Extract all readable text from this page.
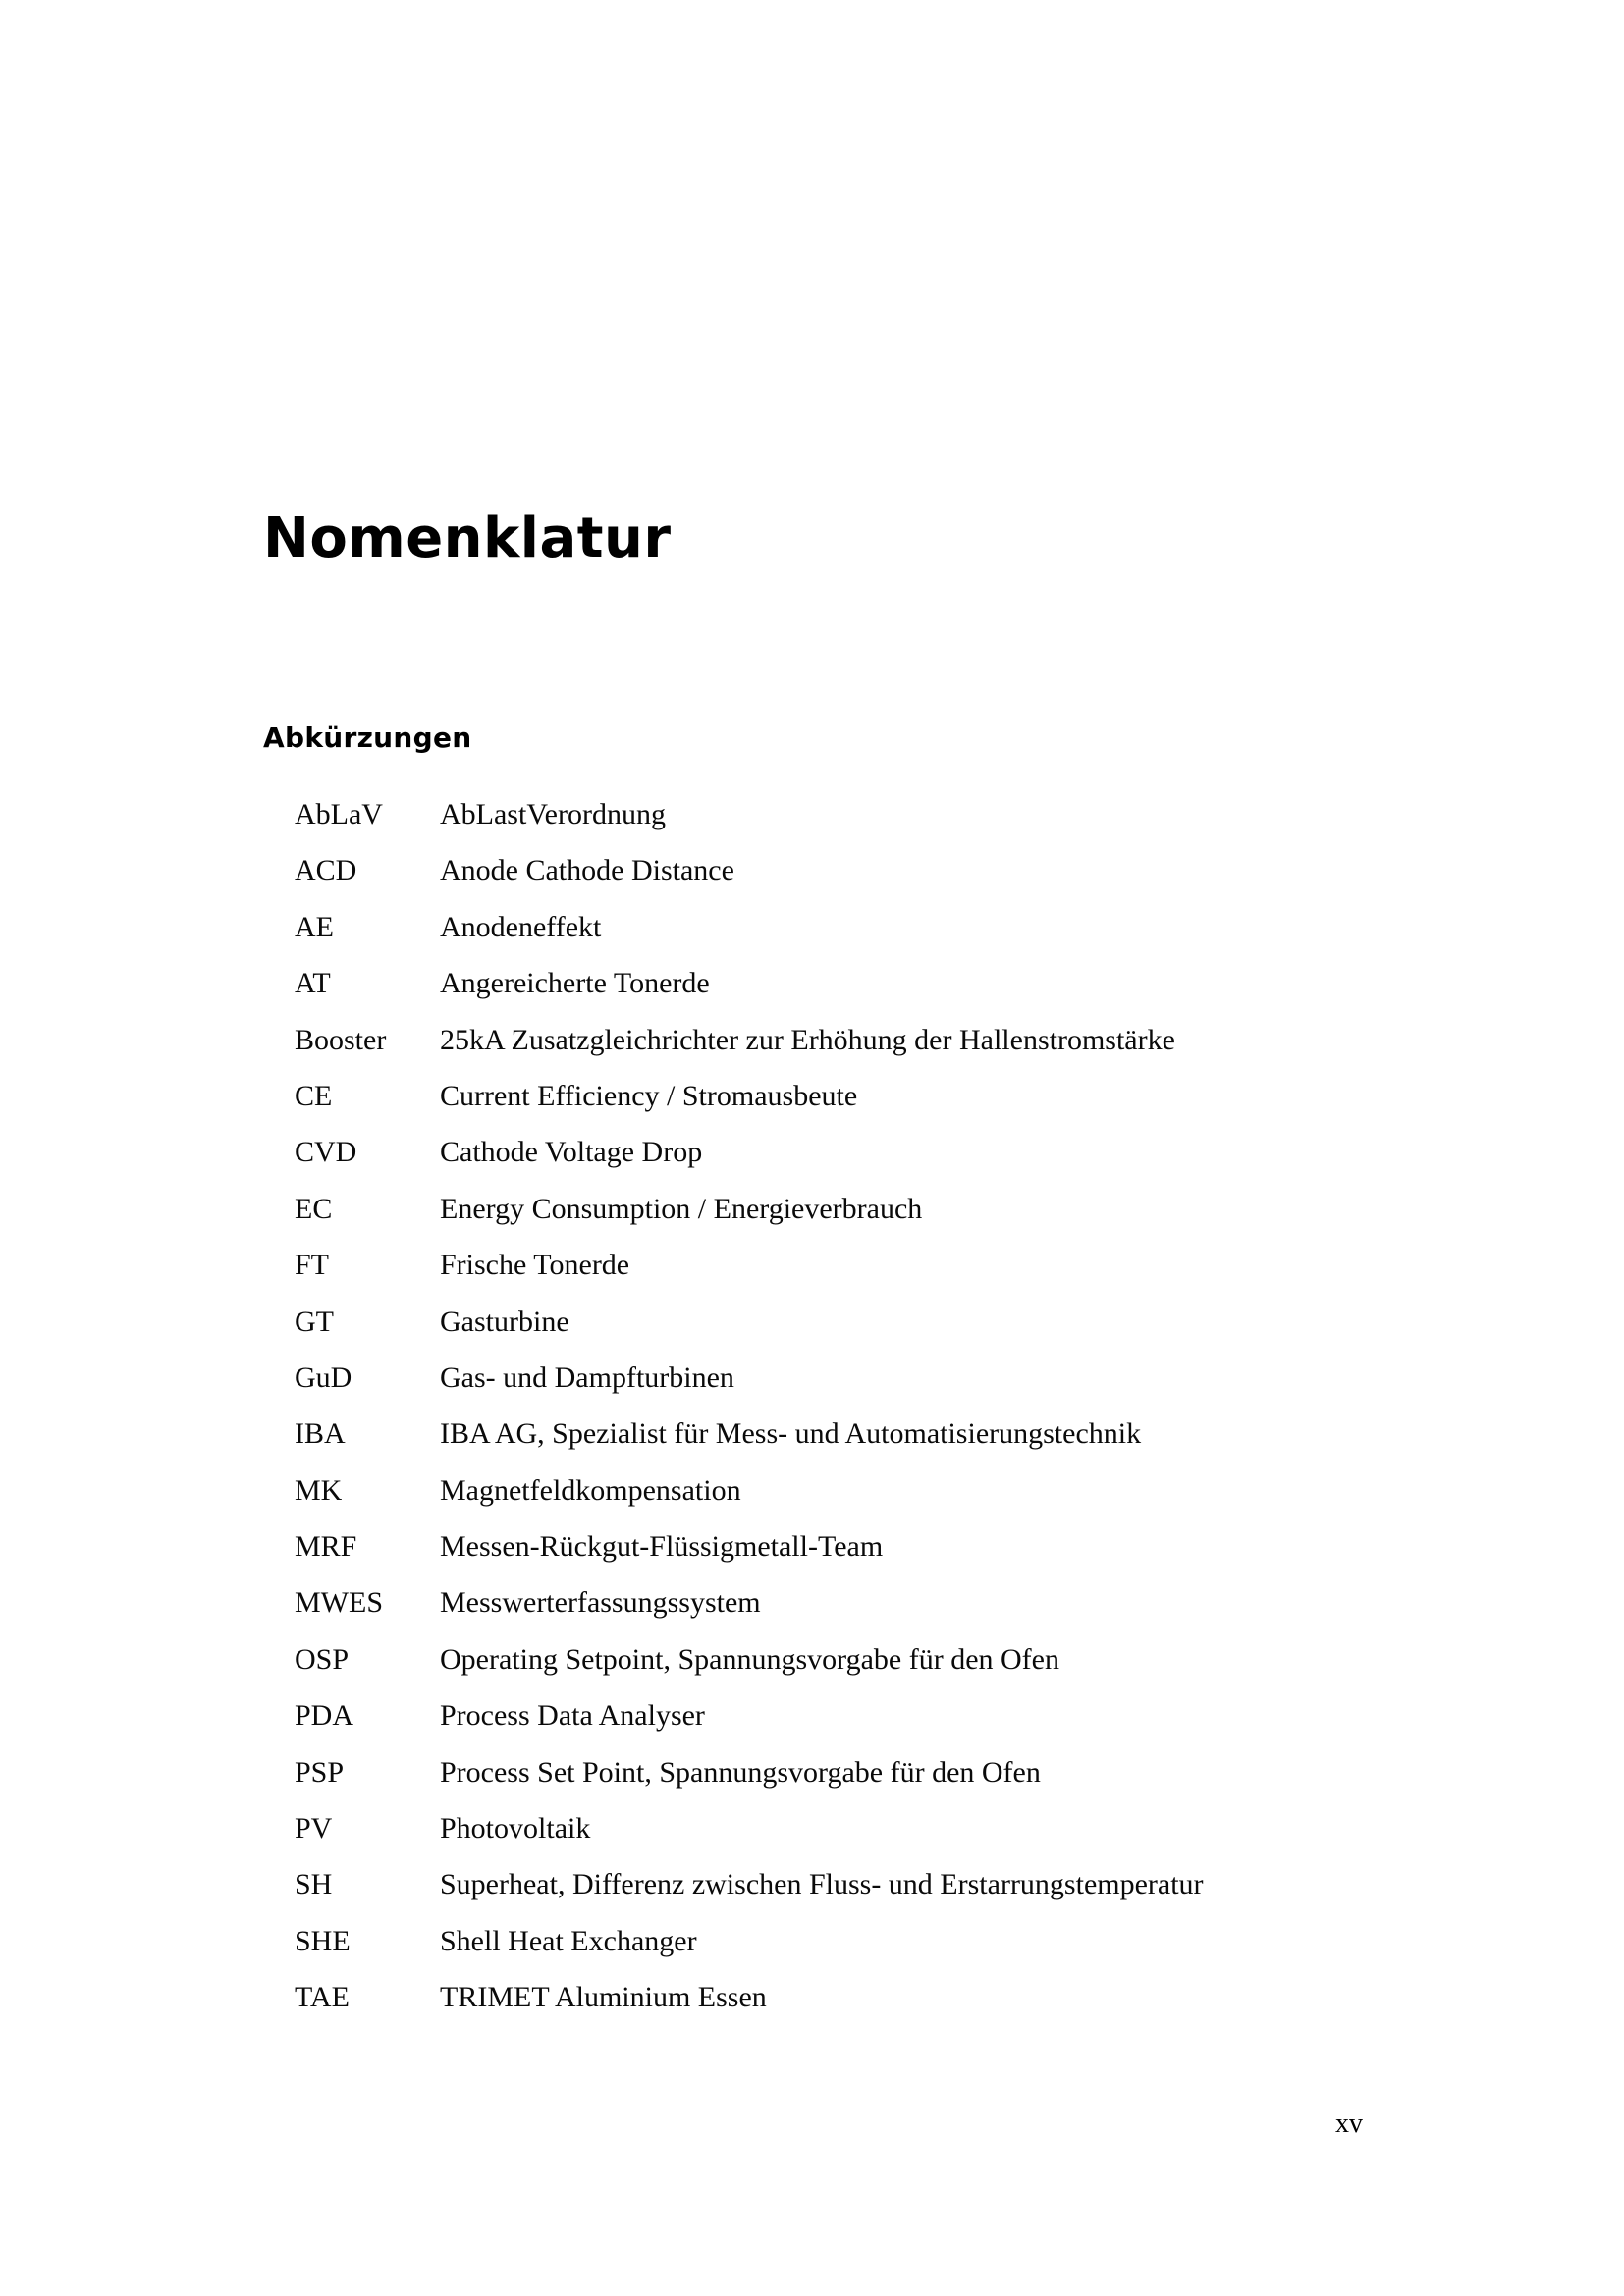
Nomenklatur
Abkürzungen
AbLaV	AbLastVerordnung
ACD	Anode Cathode Distance
AE	Anodeneffekt
AT	Angereicherte Tonerde
Booster	25kA Zusatzgleichrichter zur Erhöhung der Hallenstromstärke
CE	Current Efficiency / Stromausbeute
CVD	Cathode Voltage Drop
EC	Energy Consumption / Energieverbrauch
FT	Frische Tonerde
GT	Gasturbine
GuD	Gas- und Dampfturbinen
IBA	IBA AG, Spezialist für Mess- und Automatisierungstechnik
MK	Magnetfeldkompensation
MRF	Messen-Rückgut-Flüssigmetall-Team
MWES	Messwerterfassungssystem
OSP	Operating Setpoint, Spannungsvorgabe für den Ofen
PDA	Process Data Analyser
PSP	Process Set Point, Spannungsvorgabe für den Ofen
PV	Photovoltaik
SH	Superheat, Differenz zwischen Fluss- und Erstarrungstemperatur
SHE	Shell Heat Exchanger
TAE	TRIMET Aluminium Essen
xv
